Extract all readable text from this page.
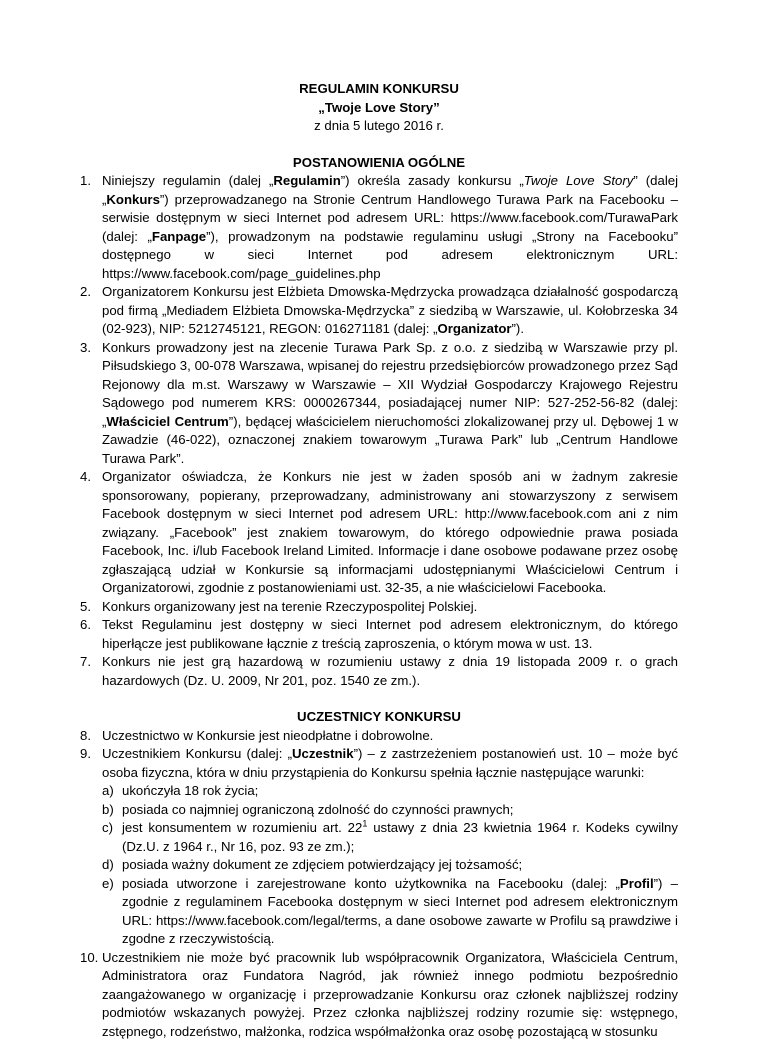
REGULAMIN KONKURSU
„Twoje Love Story”
z dnia 5 lutego 2016 r.
POSTANOWIENIA OGÓLNE
1. Niniejszy regulamin (dalej „Regulamin”) określa zasady konkursu „Twoje Love Story” (dalej „Konkurs”) przeprowadzanego na Stronie Centrum Handlowego Turawa Park na Facebooku – serwisie dostępnym w sieci Internet pod adresem URL: https://www.facebook.com/TurawaPark (dalej: „Fanpage”), prowadzonym na podstawie regulaminu usługi „Strony na Facebooku” dostępnego w sieci Internet pod adresem elektronicznym URL: https://www.facebook.com/page_guidelines.php
2. Organizatorem Konkursu jest Elżbieta Dmowska-Mędrzycka prowadząca działalność gospodarczą pod firmą „Mediadem Elżbieta Dmowska-Mędrzycka” z siedzibą w Warszawie, ul. Kołobrzeska 34 (02-923), NIP: 5212745121, REGON: 016271181 (dalej: „Organizator”).
3. Konkurs prowadzony jest na zlecenie Turawa Park Sp. z o.o. z siedzibą w Warszawie przy pl. Piłsudskiego 3, 00-078 Warszawa, wpisanej do rejestru przedsiębiorców prowadzonego przez Sąd Rejonowy dla m.st. Warszawy w Warszawie – XII Wydział Gospodarczy Krajowego Rejestru Sądowego pod numerem KRS: 0000267344, posiadającej numer NIP: 527-252-56-82 (dalej: „Właściciel Centrum”), będącej właścicielem nieruchomości zlokalizowanej przy ul. Dębowej 1 w Zawadzie (46-022), oznaczonej znakiem towarowym „Turawa Park” lub „Centrum Handlowe Turawa Park”.
4. Organizator oświadcza, że Konkurs nie jest w żaden sposób ani w żadnym zakresie sponsorowany, popierany, przeprowadzany, administrowany ani stowarzyszony z serwisem Facebook dostępnym w sieci Internet pod adresem URL: http://www.facebook.com ani z nim związany. „Facebook” jest znakiem towarowym, do którego odpowiednie prawa posiada Facebook, Inc. i/lub Facebook Ireland Limited. Informacje i dane osobowe podawane przez osobę zgłaszającą udział w Konkursie są informacjami udostępnianymi Właścicielowi Centrum i Organizatorowi, zgodnie z postanowieniami ust. 32-35, a nie właścicielowi Facebooka.
5. Konkurs organizowany jest na terenie Rzeczypospolitej Polskiej.
6. Tekst Regulaminu jest dostępny w sieci Internet pod adresem elektronicznym, do którego hiperłącze jest publikowane łącznie z treścią zaproszenia, o którym mowa w ust. 13.
7. Konkurs nie jest grą hazardową w rozumieniu ustawy z dnia 19 listopada 2009 r. o grach hazardowych (Dz. U. 2009, Nr 201, poz. 1540 ze zm.).
UCZESTNICY KONKURSU
8. Uczestnictwo w Konkursie jest nieodpłatne i dobrowolne.
9. Uczestnikiem Konkursu (dalej: „Uczestnik”) – z zastrzeżeniem postanowień ust. 10 – może być osoba fizyczna, która w dniu przystąpienia do Konkursu spełnia łącznie następujące warunki:
a) ukończyła 18 rok życia;
b) posiada co najmniej ograniczoną zdolność do czynności prawnych;
c) jest konsumentem w rozumieniu art. $22^1$ ustawy z dnia 23 kwietnia 1964 r. Kodeks cywilny (Dz.U. z 1964 r., Nr 16, poz. 93 ze zm.);
d) posiada ważny dokument ze zdjęciem potwierdzający jej tożsamość;
e) posiada utworzone i zarejestrowane konto użytkownika na Facebooku (dalej: „Profil”) – zgodnie z regulaminem Facebooka dostępnym w sieci Internet pod adresem elektronicznym URL: https://www.facebook.com/legal/terms, a dane osobowe zawarte w Profilu są prawdziwe i zgodne z rzeczywistością.
10. Uczestnikiem nie może być pracownik lub współpracownik Organizatora, Właściciela Centrum, Administratora oraz Fundatora Nagród, jak również innego podmiotu bezpośrednio zaangażowanego w organizację i przeprowadzanie Konkursu oraz członek najbliższej rodziny podmiotów wskazanych powyżej. Przez członka najbliższej rodziny rozumie się: wstępnego, zstępnego, rodzeństwo, małżonka, rodzica współmałżonka oraz osobę pozostającą w stosunku
